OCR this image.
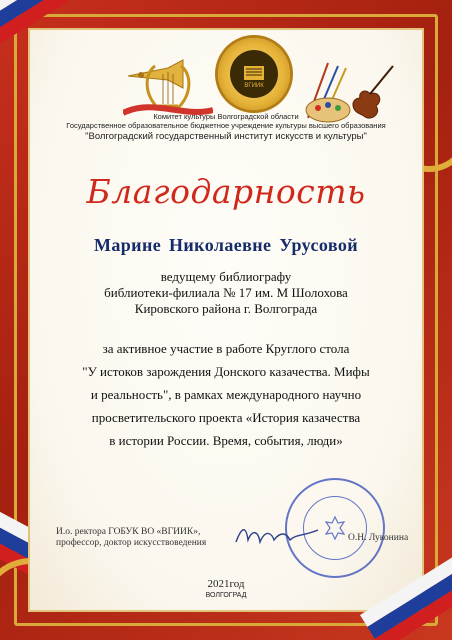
ВГИИК
Комитет культуры Волгоградской области
Государственное образовательное бюджетное учреждение культуры высшего образования
"Волгоградский государственный институт искусств и культуры"
Благодарность
Марине Николаевне Урусовой
ведущему библиографу
библиотеки-филиала № 17 им. М Шолохова
Кировского района г. Волгограда
за активное участие в работе Круглого стола
"У истоков зарождения Донского казачества. Мифы
и реальность", в рамках международного научно
просветительского проекта «История казачества
в истории России. Время, события, люди»
И.о. ректора ГОБУК ВО «ВГИИК»,
профессор, доктор искусствоведения	О.Н. Луконина
2021год
ВОЛГОГРАД
